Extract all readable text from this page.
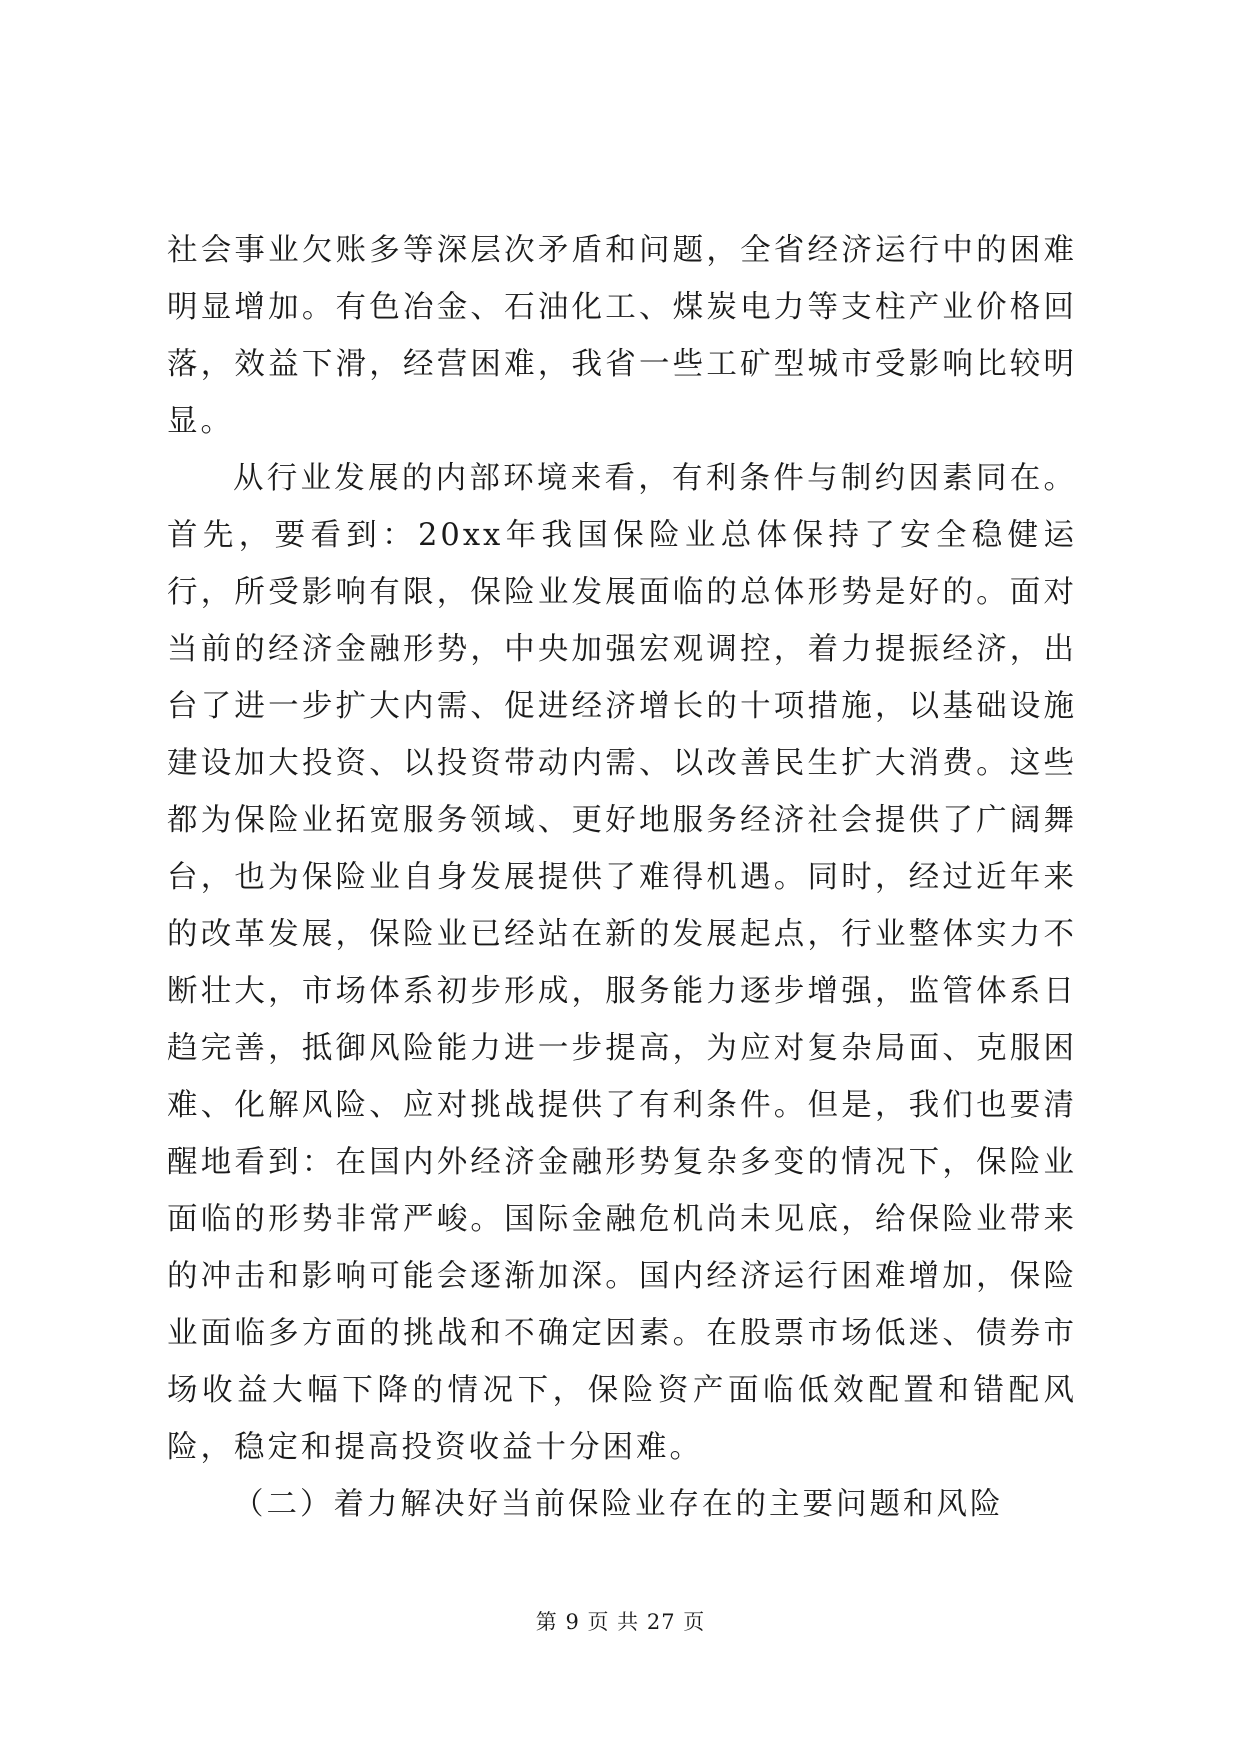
社会事业欠账多等深层次矛盾和问题，全省经济运行中的困难明显增加。有色冶金、石油化工、煤炭电力等支柱产业价格回落，效益下滑，经营困难，我省一些工矿型城市受影响比较明显。

从行业发展的内部环境来看，有利条件与制约因素同在。首先，要看到：20xx年我国保险业总体保持了安全稳健运行，所受影响有限，保险业发展面临的总体形势是好的。面对当前的经济金融形势，中央加强宏观调控，着力提振经济，出台了进一步扩大内需、促进经济增长的十项措施，以基础设施建设加大投资、以投资带动内需、以改善民生扩大消费。这些都为保险业拓宽服务领域、更好地服务经济社会提供了广阔舞台，也为保险业自身发展提供了难得机遇。同时，经过近年来的改革发展，保险业已经站在新的发展起点，行业整体实力不断壮大，市场体系初步形成，服务能力逐步增强，监管体系日趋完善，抵御风险能力进一步提高，为应对复杂局面、克服困难、化解风险、应对挑战提供了有利条件。但是，我们也要清醒地看到：在国内外经济金融形势复杂多变的情况下，保险业面临的形势非常严峻。国际金融危机尚未见底，给保险业带来的冲击和影响可能会逐渐加深。国内经济运行困难增加，保险业面临多方面的挑战和不确定因素。在股票市场低迷、债券市场收益大幅下降的情况下，保险资产面临低效配置和错配风险，稳定和提高投资收益十分困难。

（二）着力解决好当前保险业存在的主要问题和风险

第 9 页 共 27 页
